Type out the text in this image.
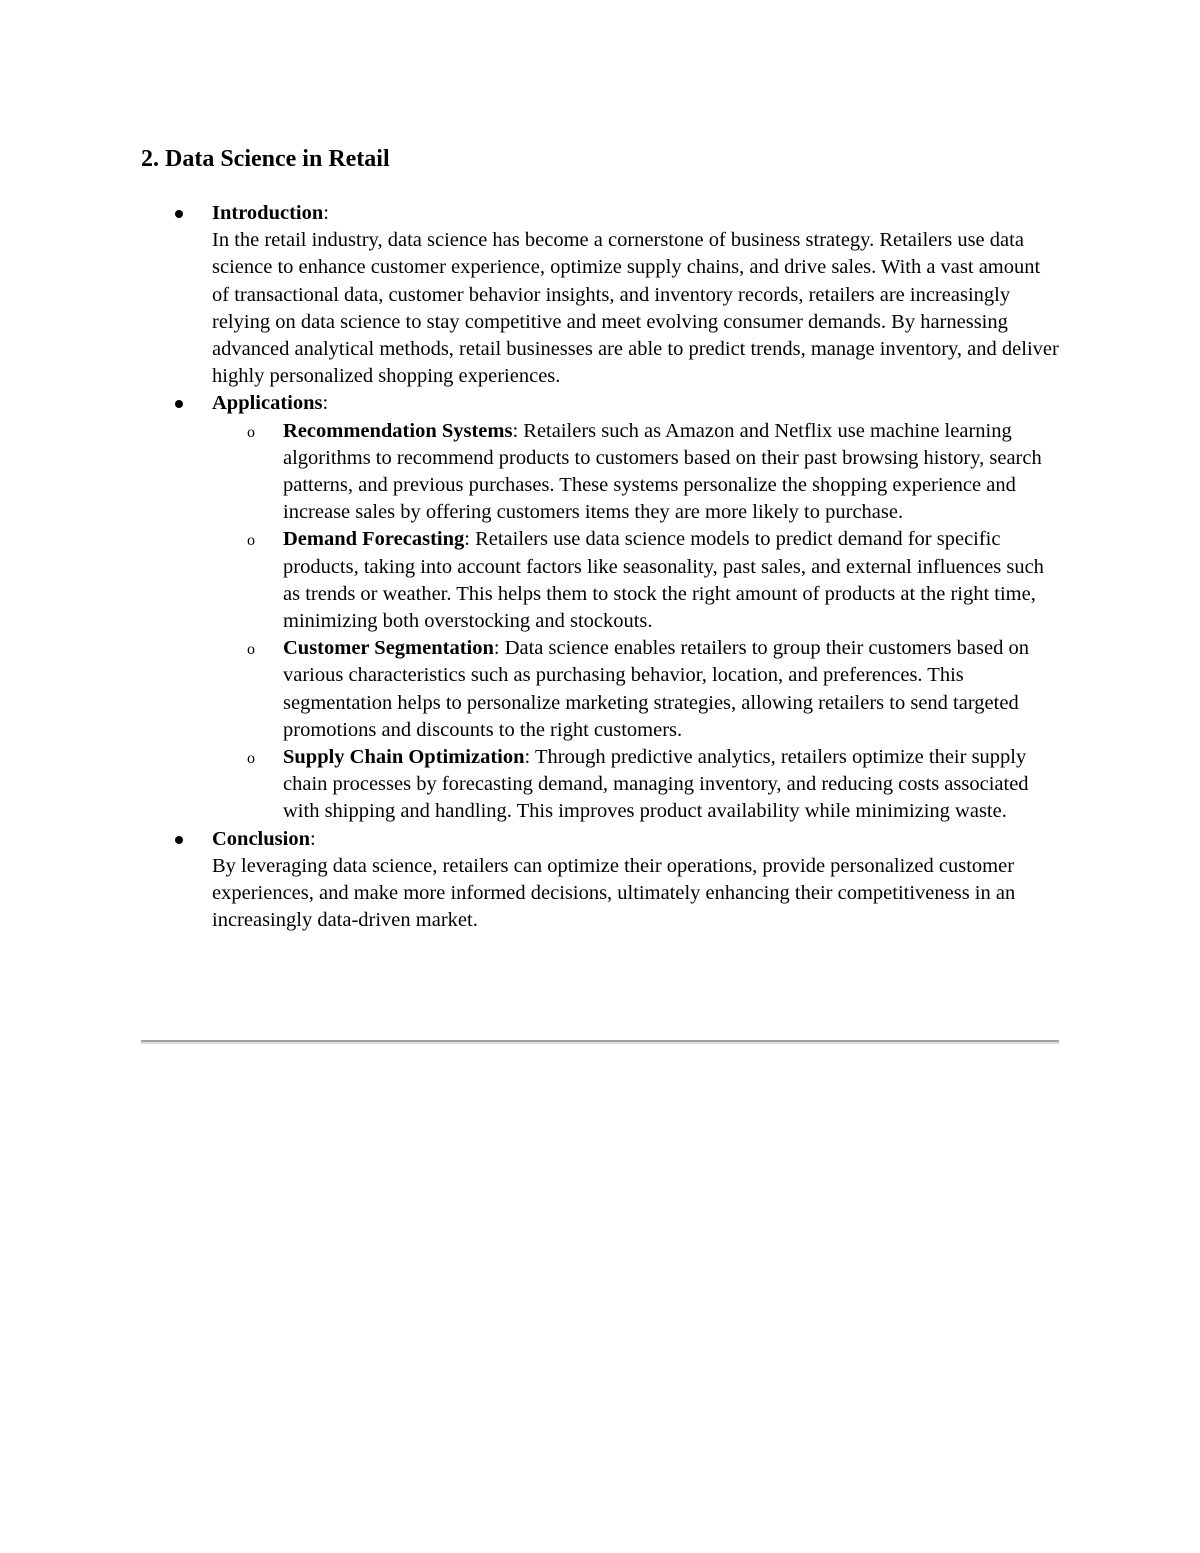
2. Data Science in Retail
Introduction:
In the retail industry, data science has become a cornerstone of business strategy. Retailers use data science to enhance customer experience, optimize supply chains, and drive sales. With a vast amount of transactional data, customer behavior insights, and inventory records, retailers are increasingly relying on data science to stay competitive and meet evolving consumer demands. By harnessing advanced analytical methods, retail businesses are able to predict trends, manage inventory, and deliver highly personalized shopping experiences.
Applications:
o Recommendation Systems: Retailers such as Amazon and Netflix use machine learning algorithms to recommend products to customers based on their past browsing history, search patterns, and previous purchases. These systems personalize the shopping experience and increase sales by offering customers items they are more likely to purchase.
o Demand Forecasting: Retailers use data science models to predict demand for specific products, taking into account factors like seasonality, past sales, and external influences such as trends or weather. This helps them to stock the right amount of products at the right time, minimizing both overstocking and stockouts.
o Customer Segmentation: Data science enables retailers to group their customers based on various characteristics such as purchasing behavior, location, and preferences. This segmentation helps to personalize marketing strategies, allowing retailers to send targeted promotions and discounts to the right customers.
o Supply Chain Optimization: Through predictive analytics, retailers optimize their supply chain processes by forecasting demand, managing inventory, and reducing costs associated with shipping and handling. This improves product availability while minimizing waste.
Conclusion:
By leveraging data science, retailers can optimize their operations, provide personalized customer experiences, and make more informed decisions, ultimately enhancing their competitiveness in an increasingly data-driven market.
